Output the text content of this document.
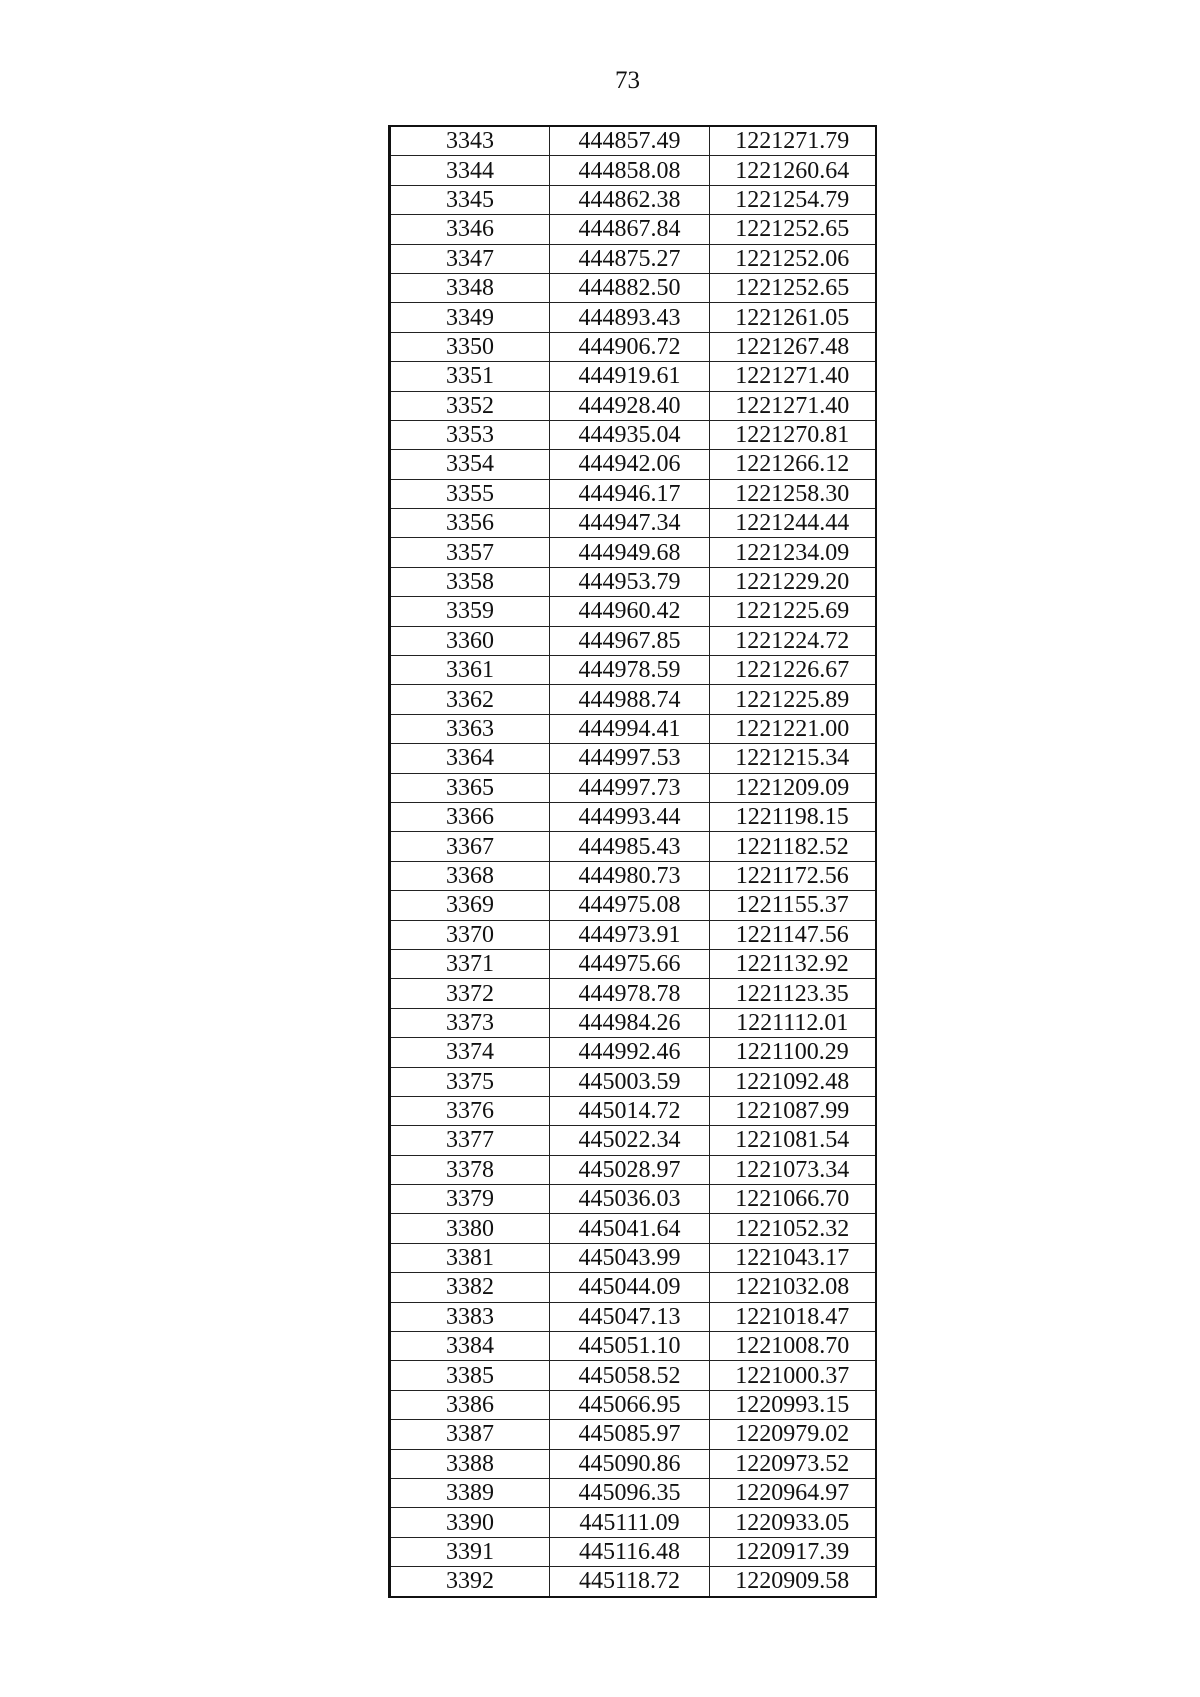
73
3343	444857.49	1221271.79
3344	444858.08	1221260.64
3345	444862.38	1221254.79
3346	444867.84	1221252.65
3347	444875.27	1221252.06
3348	444882.50	1221252.65
3349	444893.43	1221261.05
3350	444906.72	1221267.48
3351	444919.61	1221271.40
3352	444928.40	1221271.40
3353	444935.04	1221270.81
3354	444942.06	1221266.12
3355	444946.17	1221258.30
3356	444947.34	1221244.44
3357	444949.68	1221234.09
3358	444953.79	1221229.20
3359	444960.42	1221225.69
3360	444967.85	1221224.72
3361	444978.59	1221226.67
3362	444988.74	1221225.89
3363	444994.41	1221221.00
3364	444997.53	1221215.34
3365	444997.73	1221209.09
3366	444993.44	1221198.15
3367	444985.43	1221182.52
3368	444980.73	1221172.56
3369	444975.08	1221155.37
3370	444973.91	1221147.56
3371	444975.66	1221132.92
3372	444978.78	1221123.35
3373	444984.26	1221112.01
3374	444992.46	1221100.29
3375	445003.59	1221092.48
3376	445014.72	1221087.99
3377	445022.34	1221081.54
3378	445028.97	1221073.34
3379	445036.03	1221066.70
3380	445041.64	1221052.32
3381	445043.99	1221043.17
3382	445044.09	1221032.08
3383	445047.13	1221018.47
3384	445051.10	1221008.70
3385	445058.52	1221000.37
3386	445066.95	1220993.15
3387	445085.97	1220979.02
3388	445090.86	1220973.52
3389	445096.35	1220964.97
3390	445111.09	1220933.05
3391	445116.48	1220917.39
3392	445118.72	1220909.58
